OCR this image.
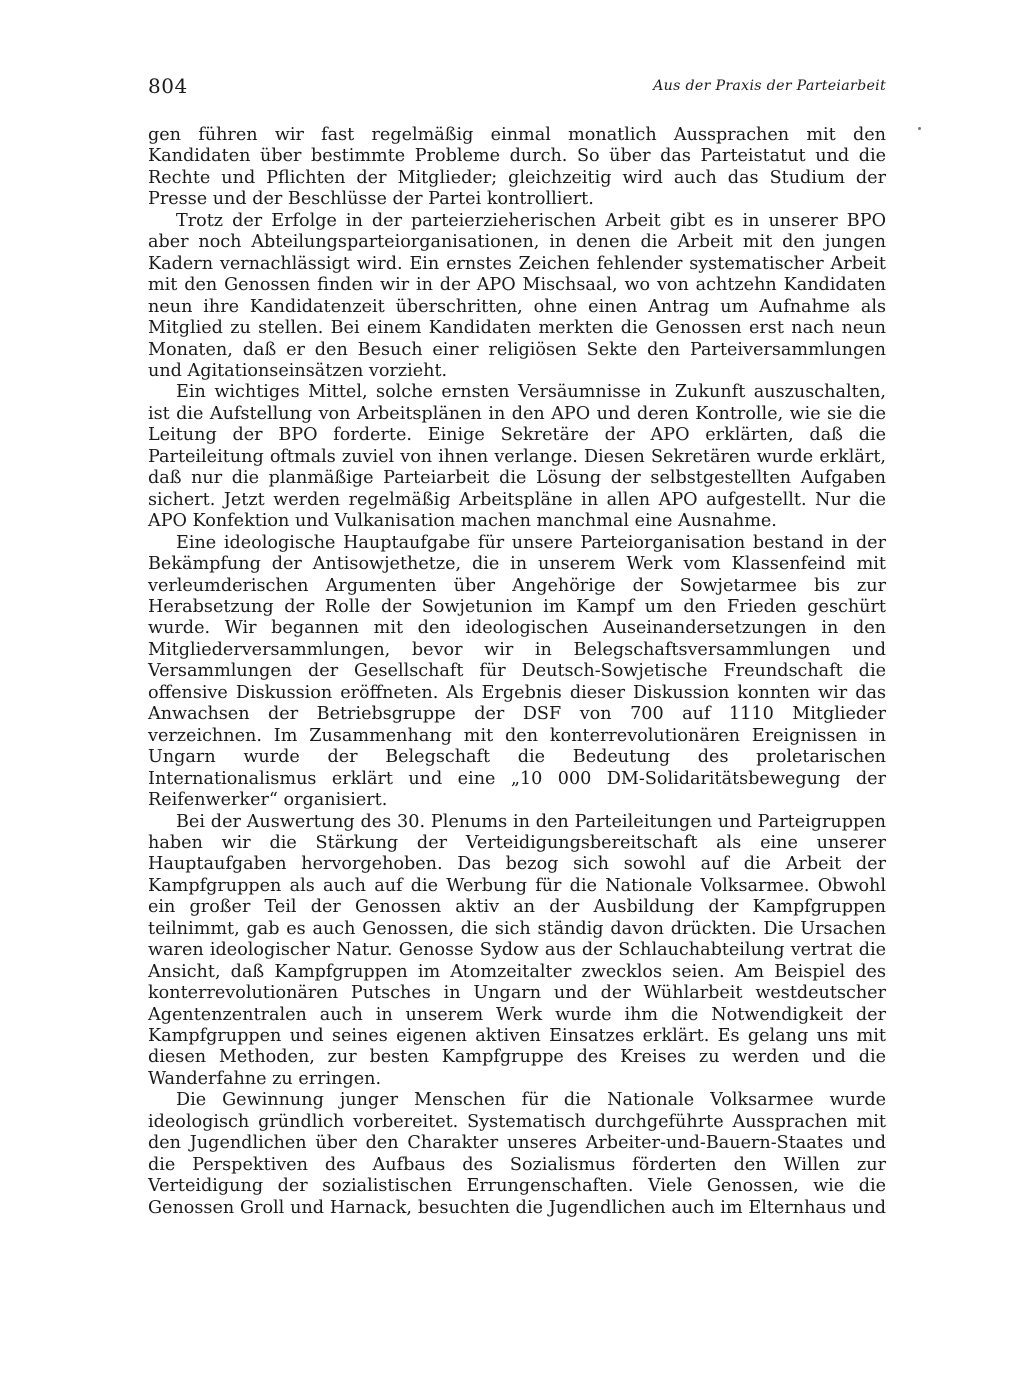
804	Aus der Praxis der Parteiarbeit

gen führen wir fast regelmäßig einmal monatlich Aussprachen mit den Kandidaten über bestimmte Probleme durch. So über das Parteistatut und die Rechte und Pflichten der Mitglieder; gleichzeitig wird auch das Studium der Presse und der Beschlüsse der Partei kontrolliert.

Trotz der Erfolge in der parteierzieherischen Arbeit gibt es in unserer BPO aber noch Abteilungsparteiorganisationen, in denen die Arbeit mit den jungen Kadern vernachlässigt wird. Ein ernstes Zeichen fehlender systematischer Arbeit mit den Genossen finden wir in der APO Mischsaal, wo von achtzehn Kandidaten neun ihre Kandidatenzeit überschritten, ohne einen Antrag um Aufnahme als Mitglied zu stellen. Bei einem Kandidaten merkten die Genossen erst nach neun Monaten, daß er den Besuch einer religiösen Sekte den Parteiversammlungen und Agitationseinsätzen vorzieht.

Ein wichtiges Mittel, solche ernsten Versäumnisse in Zukunft auszuschalten, ist die Aufstellung von Arbeitsplänen in den APO und deren Kontrolle, wie sie die Leitung der BPO forderte. Einige Sekretäre der APO erklärten, daß die Parteileitung oftmals zuviel von ihnen verlange. Diesen Sekretären wurde erklärt, daß nur die planmäßige Parteiarbeit die Lösung der selbstgestellten Aufgaben sichert. Jetzt werden regelmäßig Arbeitspläne in allen APO aufgestellt. Nur die APO Konfektion und Vulkanisation machen manchmal eine Ausnahme.

Eine ideologische Hauptaufgabe für unsere Parteiorganisation bestand in der Bekämpfung der Antisowjethetze, die in unserem Werk vom Klassenfeind mit verleumderischen Argumenten über Angehörige der Sowjetarmee bis zur Herabsetzung der Rolle der Sowjetunion im Kampf um den Frieden geschürt wurde. Wir begannen mit den ideologischen Auseinandersetzungen in den Mitgliederversammlungen, bevor wir in Belegschaftsversammlungen und Versammlungen der Gesellschaft für Deutsch-Sowjetische Freundschaft die offensive Diskussion eröffneten. Als Ergebnis dieser Diskussion konnten wir das Anwachsen der Betriebsgruppe der DSF von 700 auf 1110 Mitglieder verzeichnen. Im Zusammenhang mit den konterrevolutionären Ereignissen in Ungarn wurde der Belegschaft die Bedeutung des proletarischen Internationalismus erklärt und eine „10 000 DM-Solidaritätsbewegung der Reifenwerker“ organisiert.

Bei der Auswertung des 30. Plenums in den Parteileitungen und Parteigruppen haben wir die Stärkung der Verteidigungsbereitschaft als eine unserer Hauptaufgaben hervorgehoben. Das bezog sich sowohl auf die Arbeit der Kampfgruppen als auch auf die Werbung für die Nationale Volksarmee. Obwohl ein großer Teil der Genossen aktiv an der Ausbildung der Kampfgruppen teilnimmt, gab es auch Genossen, die sich ständig davon drückten. Die Ursachen waren ideologischer Natur. Genosse Sydow aus der Schlauchabteilung vertrat die Ansicht, daß Kampfgruppen im Atomzeitalter zwecklos seien. Am Beispiel des konterrevolutionären Putsches in Ungarn und der Wühlarbeit westdeutscher Agentenzentralen auch in unserem Werk wurde ihm die Notwendigkeit der Kampfgruppen und seines eigenen aktiven Einsatzes erklärt. Es gelang uns mit diesen Methoden, zur besten Kampfgruppe des Kreises zu werden und die Wanderfahne zu erringen.

Die Gewinnung junger Menschen für die Nationale Volksarmee wurde ideologisch gründlich vorbereitet. Systematisch durchgeführte Aussprachen mit den Jugendlichen über den Charakter unseres Arbeiter-und-Bauern-Staates und die Perspektiven des Aufbaus des Sozialismus förderten den Willen zur Verteidigung der sozialistischen Errungenschaften. Viele Genossen, wie die Genossen Groll und Harnack, besuchten die Jugendlichen auch im Elternhaus und
